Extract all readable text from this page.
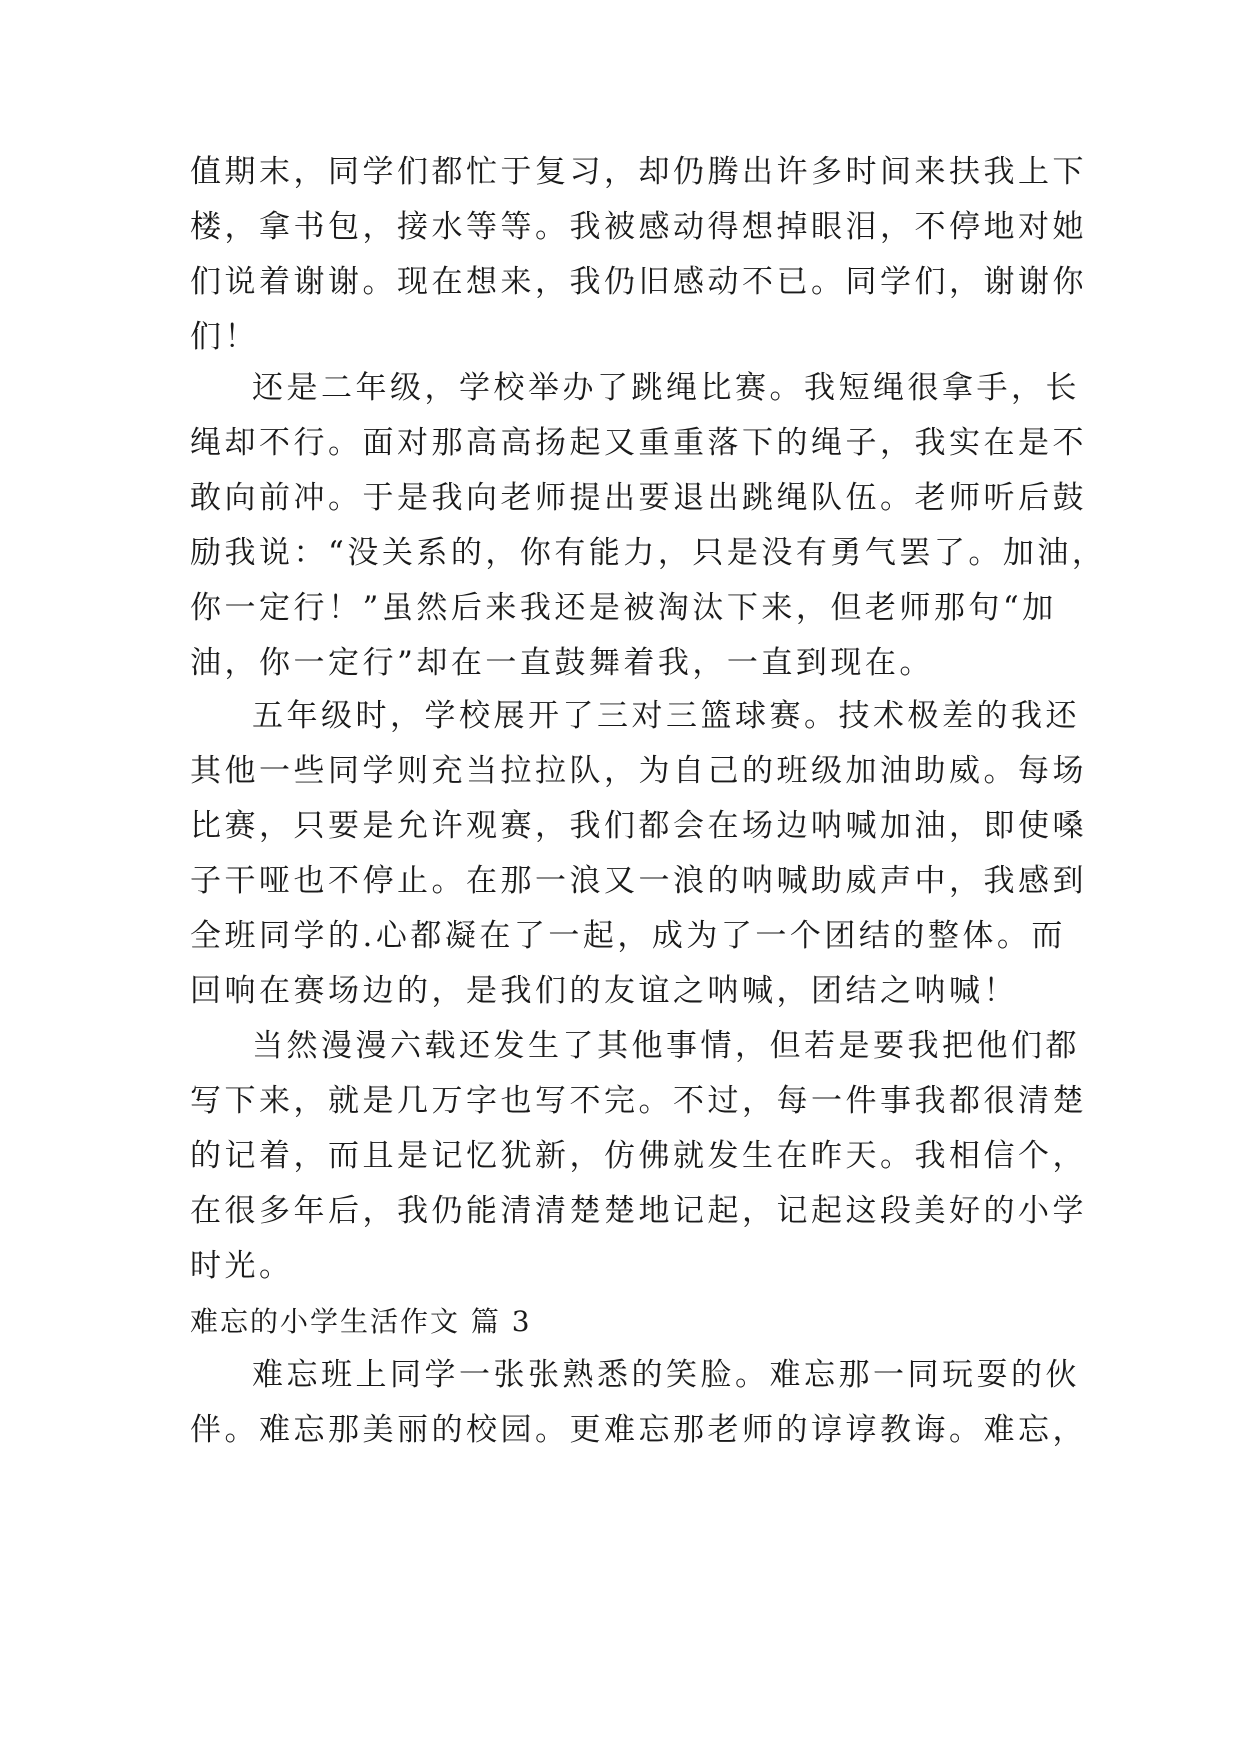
值期末，同学们都忙于复习，却仍腾出许多时间来扶我上下
楼，拿书包，接水等等。我被感动得想掉眼泪，不停地对她
们说着谢谢。现在想来，我仍旧感动不已。同学们，谢谢你
们！
还是二年级，学校举办了跳绳比赛。我短绳很拿手，长
绳却不行。面对那高高扬起又重重落下的绳子，我实在是不
敢向前冲。于是我向老师提出要退出跳绳队伍。老师听后鼓
励我说：“没关系的，你有能力，只是没有勇气罢了。加油，
你一定行！”虽然后来我还是被淘汰下来，但老师那句“加
油，你一定行”却在一直鼓舞着我，一直到现在。
五年级时，学校展开了三对三篮球赛。技术极差的我还
其他一些同学则充当拉拉队，为自己的班级加油助威。每场
比赛，只要是允许观赛，我们都会在场边呐喊加油，即使嗓
子干哑也不停止。在那一浪又一浪的呐喊助威声中，我感到
全班同学的.心都凝在了一起，成为了一个团结的整体。而
回响在赛场边的，是我们的友谊之呐喊，团结之呐喊！
当然漫漫六载还发生了其他事情，但若是要我把他们都
写下来，就是几万字也写不完。不过，每一件事我都很清楚
的记着，而且是记忆犹新，仿佛就发生在昨天。我相信个，
在很多年后，我仍能清清楚楚地记起，记起这段美好的小学
时光。
难忘的小学生活作文 篇 3
难忘班上同学一张张熟悉的笑脸。难忘那一同玩耍的伙
伴。难忘那美丽的校园。更难忘那老师的谆谆教诲。难忘，
